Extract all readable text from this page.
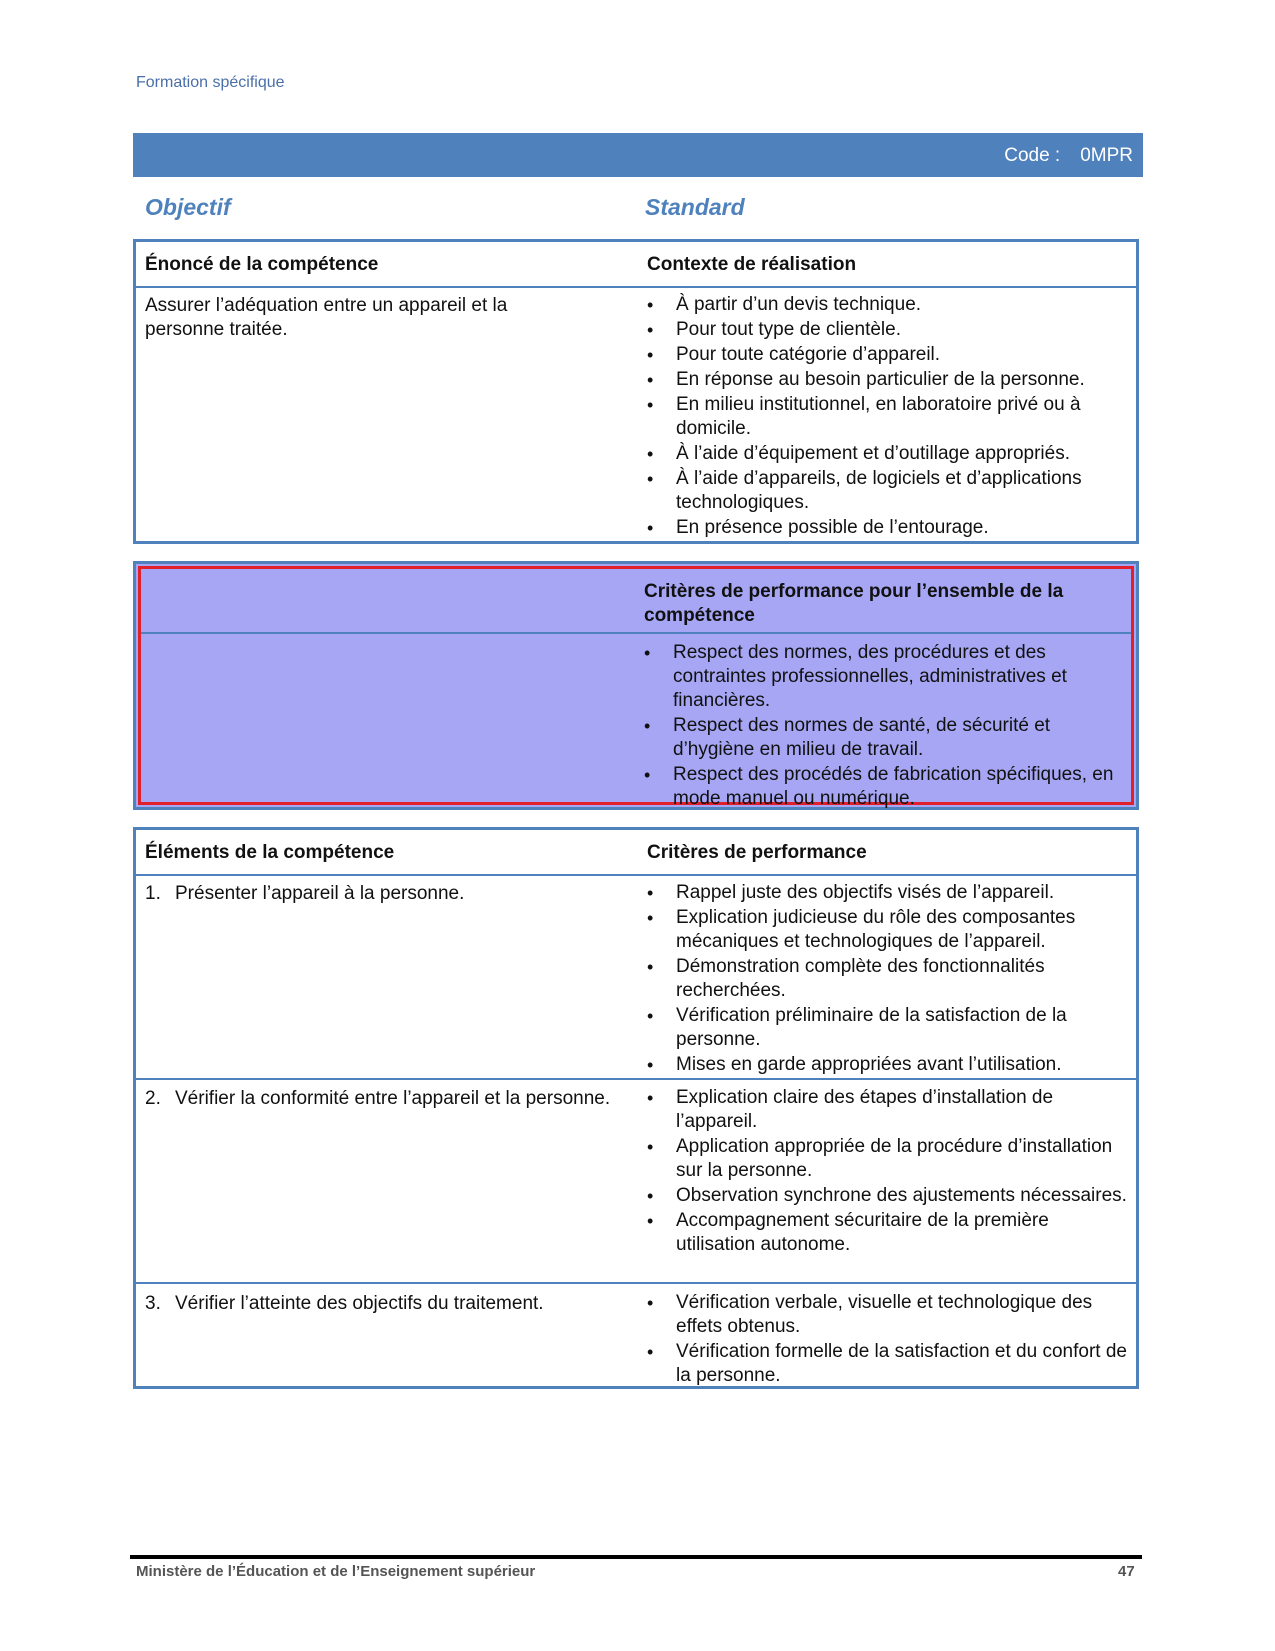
Formation spécifique
Code : 0MPR
Objectif	Standard
Énoncé de la compétence	Contexte de réalisation
Assurer l’adéquation entre un appareil et la personne traitée.
• À partir d’un devis technique.
• Pour tout type de clientèle.
• Pour toute catégorie d’appareil.
• En réponse au besoin particulier de la personne.
• En milieu institutionnel, en laboratoire privé ou à domicile.
• À l’aide d’équipement et d’outillage appropriés.
• À l’aide d’appareils, de logiciels et d’applications technologiques.
• En présence possible de l’entourage.
Critères de performance pour l’ensemble de la compétence
• Respect des normes, des procédures et des contraintes professionnelles, administratives et financières.
• Respect des normes de santé, de sécurité et d’hygiène en milieu de travail.
• Respect des procédés de fabrication spécifiques, en mode manuel ou numérique.
Éléments de la compétence	Critères de performance
1. Présenter l’appareil à la personne.	• Rappel juste des objectifs visés de l’appareil.
• Explication judicieuse du rôle des composantes mécaniques et technologiques de l’appareil.
• Démonstration complète des fonctionnalités recherchées.
• Vérification préliminaire de la satisfaction de la personne.
• Mises en garde appropriées avant l’utilisation.
2. Vérifier la conformité entre l’appareil et la personne.	• Explication claire des étapes d’installation de l’appareil.
• Application appropriée de la procédure d’installation sur la personne.
• Observation synchrone des ajustements nécessaires.
• Accompagnement sécuritaire de la première utilisation autonome.
3. Vérifier l’atteinte des objectifs du traitement.	• Vérification verbale, visuelle et technologique des effets obtenus.
• Vérification formelle de la satisfaction et du confort de la personne.
Ministère de l’Éducation et de l’Enseignement supérieur	47
